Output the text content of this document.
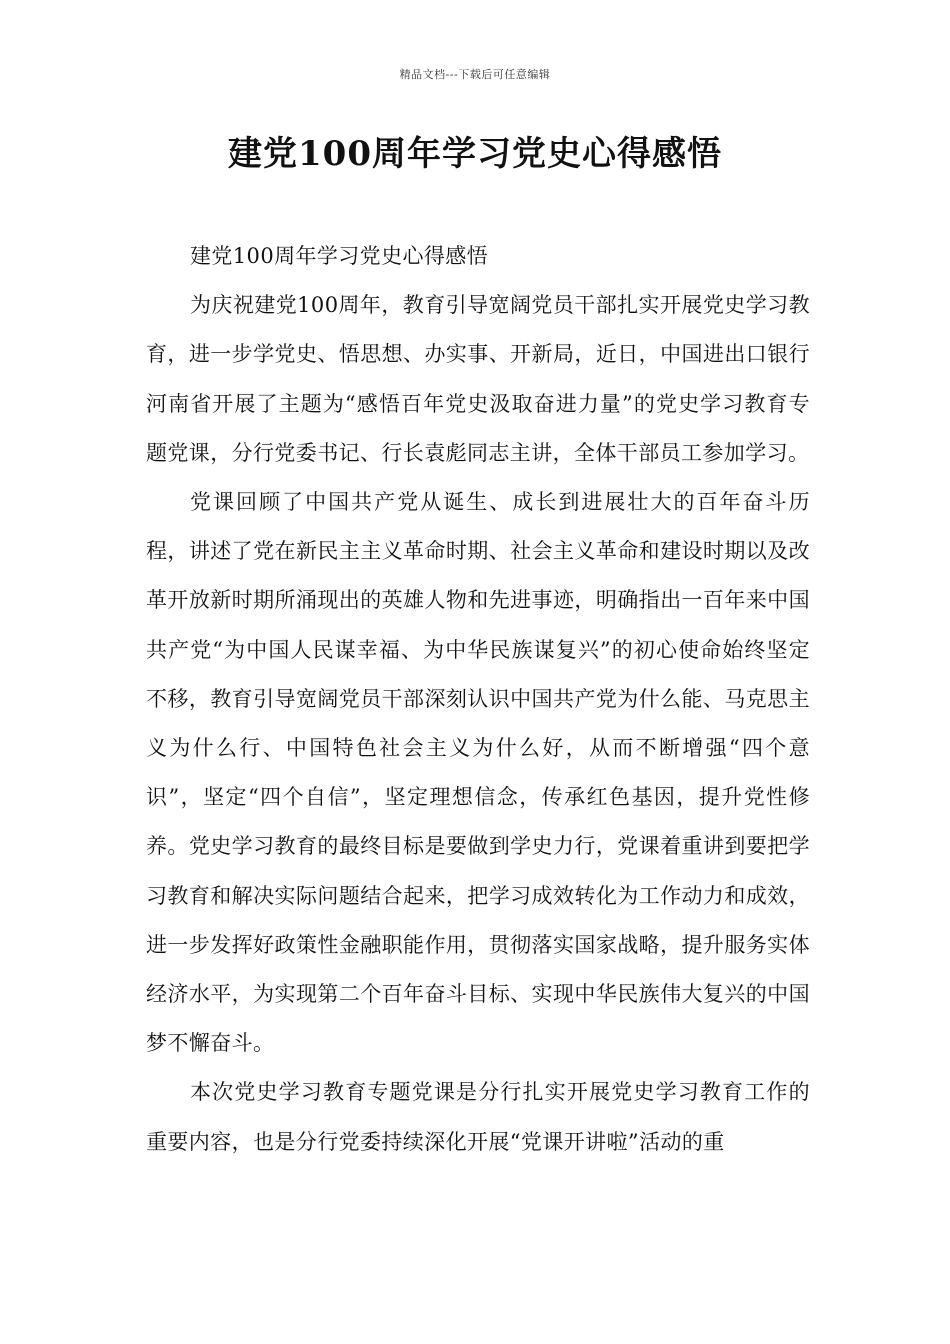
精品文档---下载后可任意编辑
建党100周年学习党史心得感悟

建党100周年学习党史心得感悟

为庆祝建党100周年，教育引导宽阔党员干部扎实开展党史学习教育，进一步学党史、悟思想、办实事、开新局，近日，中国进出口银行河南省开展了主题为“感悟百年党史汲取奋进力量”的党史学习教育专题党课，分行党委书记、行长袁彪同志主讲，全体干部员工参加学习。

党课回顾了中国共产党从诞生、成长到进展壮大的百年奋斗历程，讲述了党在新民主主义革命时期、社会主义革命和建设时期以及改革开放新时期所涌现出的英雄人物和先进事迹，明确指出一百年来中国共产党“为中国人民谋幸福、为中华民族谋复兴”的初心使命始终坚定不移，教育引导宽阔党员干部深刻认识中国共产党为什么能、马克思主义为什么行、中国特色社会主义为什么好，从而不断增强“四个意识”，坚定“四个自信”，坚定理想信念，传承红色基因，提升党性修养。党史学习教育的最终目标是要做到学史力行，党课着重讲到要把学习教育和解决实际问题结合起来，把学习成效转化为工作动力和成效，进一步发挥好政策性金融职能作用，贯彻落实国家战略，提升服务实体经济水平，为实现第二个百年奋斗目标、实现中华民族伟大复兴的中国梦不懈奋斗。

本次党史学习教育专题党课是分行扎实开展党史学习教育工作的重要内容，也是分行党委持续深化开展“党课开讲啦”活动的重
